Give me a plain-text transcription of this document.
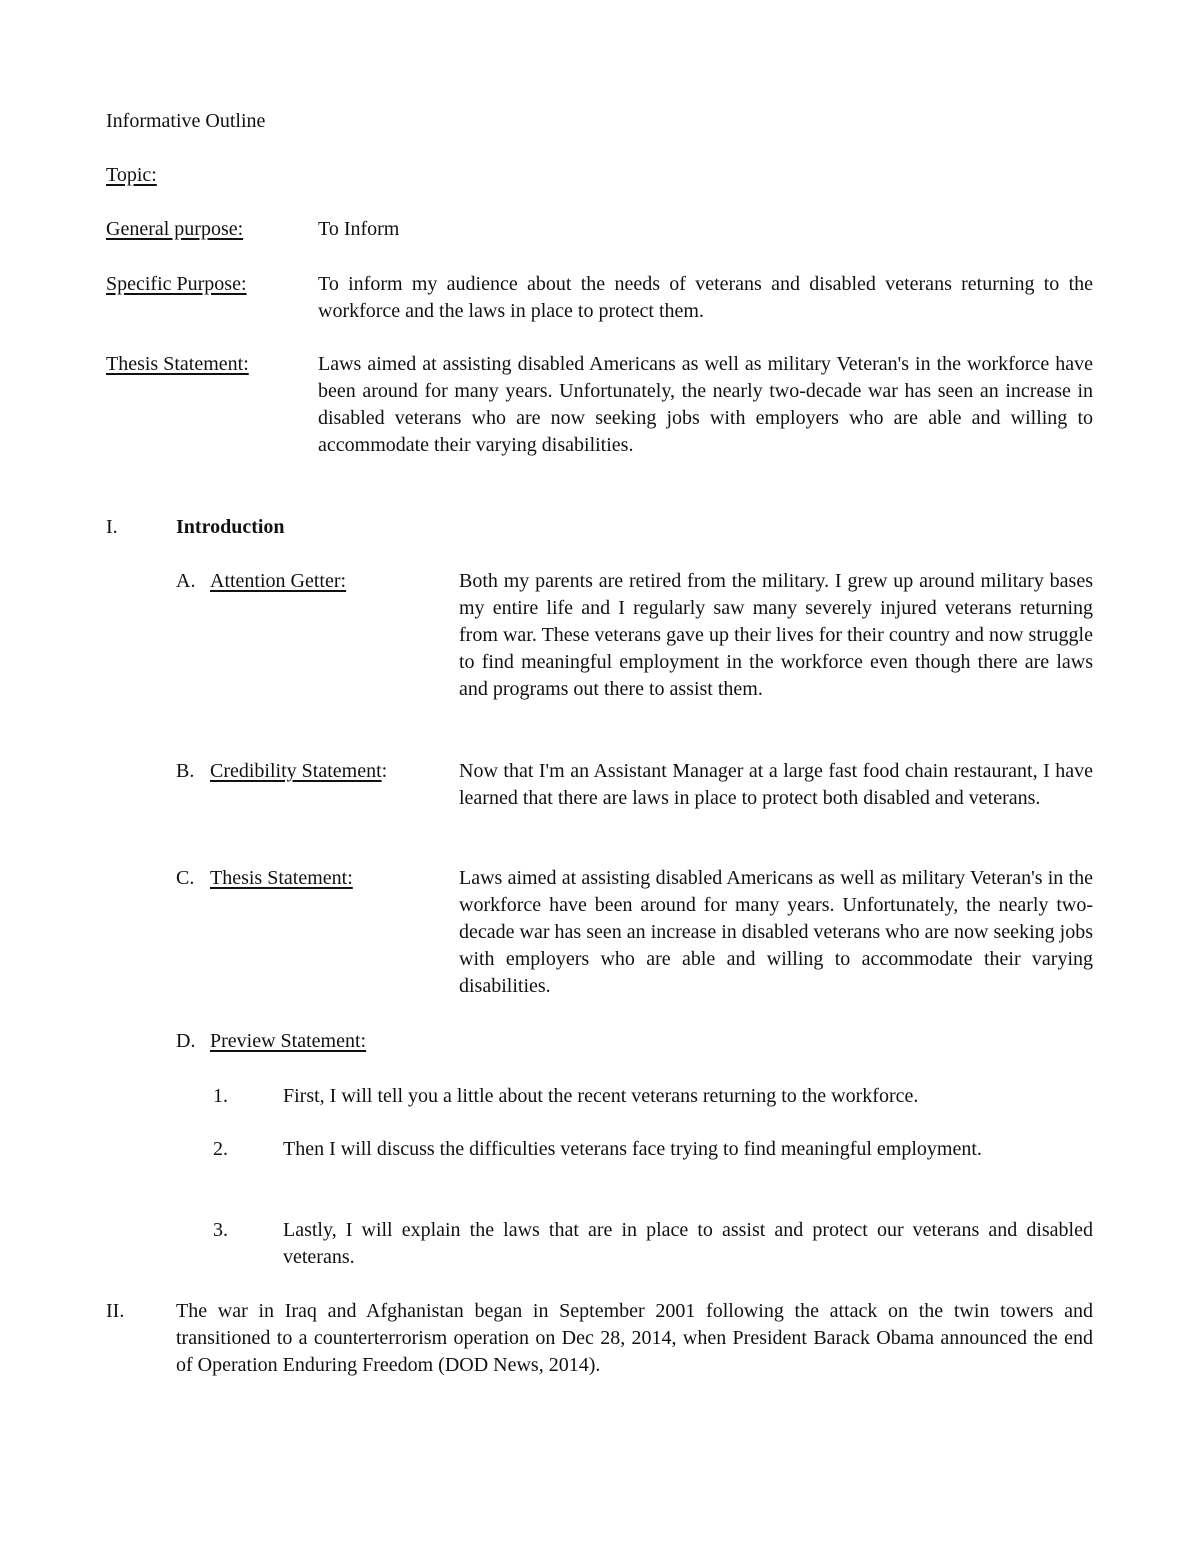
Informative Outline
Topic:
General purpose:	To Inform
Specific Purpose:	To inform my audience about the needs of veterans and disabled veterans returning to the workforce and the laws in place to protect them.
Thesis Statement:	Laws aimed at assisting disabled Americans as well as military Veteran's in the workforce have been around for many years. Unfortunately, the nearly two-decade war has seen an increase in disabled veterans who are now seeking jobs with employers who are able and willing to accommodate their varying disabilities.
I.	Introduction
A. Attention Getter:	Both my parents are retired from the military. I grew up around military bases my entire life and I regularly saw many severely injured veterans returning from war. These veterans gave up their lives for their country and now struggle to find meaningful employment in the workforce even though there are laws and programs out there to assist them.
B. Credibility Statement:	Now that I'm an Assistant Manager at a large fast food chain restaurant, I have learned that there are laws in place to protect both disabled and veterans.
C. Thesis Statement:	Laws aimed at assisting disabled Americans as well as military Veteran's in the workforce have been around for many years. Unfortunately, the nearly two-decade war has seen an increase in disabled veterans who are now seeking jobs with employers who are able and willing to accommodate their varying disabilities.
D. Preview Statement:
1.	First, I will tell you a little about the recent veterans returning to the workforce.
2.	Then I will discuss the difficulties veterans face trying to find meaningful employment.
3.	Lastly, I will explain the laws that are in place to assist and protect our veterans and disabled veterans.
II.	The war in Iraq and Afghanistan began in September 2001 following the attack on the twin towers and transitioned to a counterterrorism operation on Dec 28, 2014, when President Barack Obama announced the end of Operation Enduring Freedom (DOD News, 2014).
